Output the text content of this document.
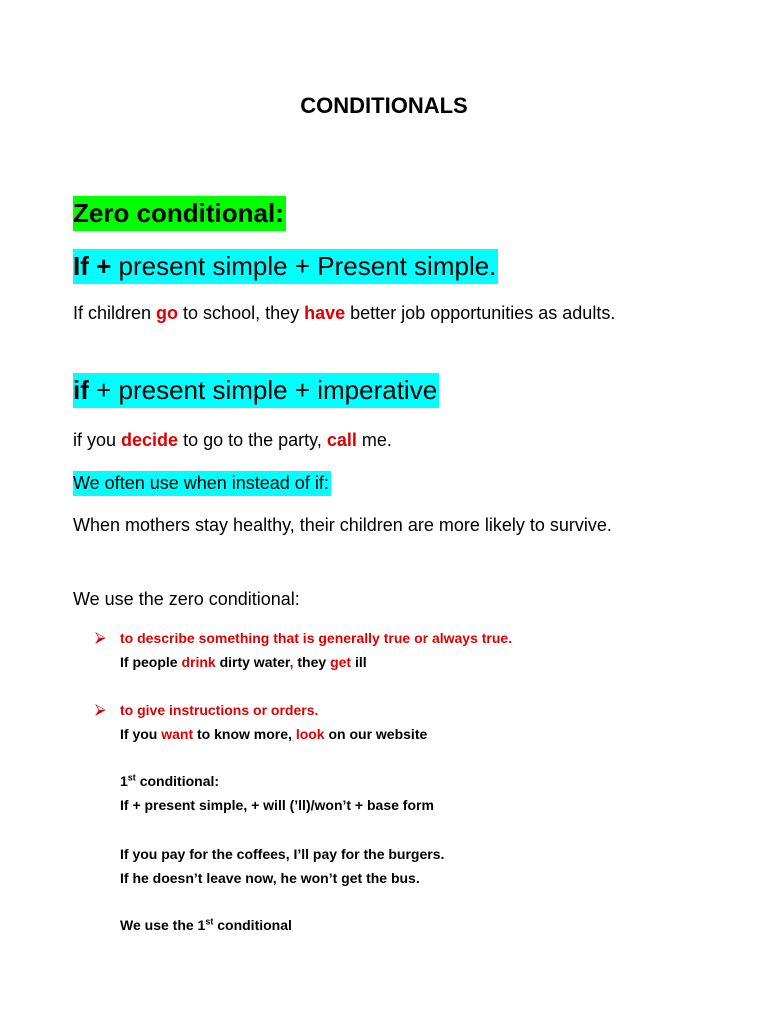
CONDITIONALS
Zero conditional:
If + present simple + Present simple.

If children go to school, they have better job opportunities as adults.

if + present simple + imperative

if you decide to go to the party, call me.

We often use when instead of if:

When mothers stay healthy, their children are more likely to survive.

We use the zero conditional:

⮚ to describe something that is generally true or always true.
If people drink dirty water, they get ill
⮚ to give instructions or orders.
If you want to know more, look on our website
1st conditional:
If + present simple, + will (’ll)/won’t + base form
If you pay for the coffees, I’ll pay for the burgers.
If he doesn’t leave now, he won’t get the bus.
We use the 1st conditional
